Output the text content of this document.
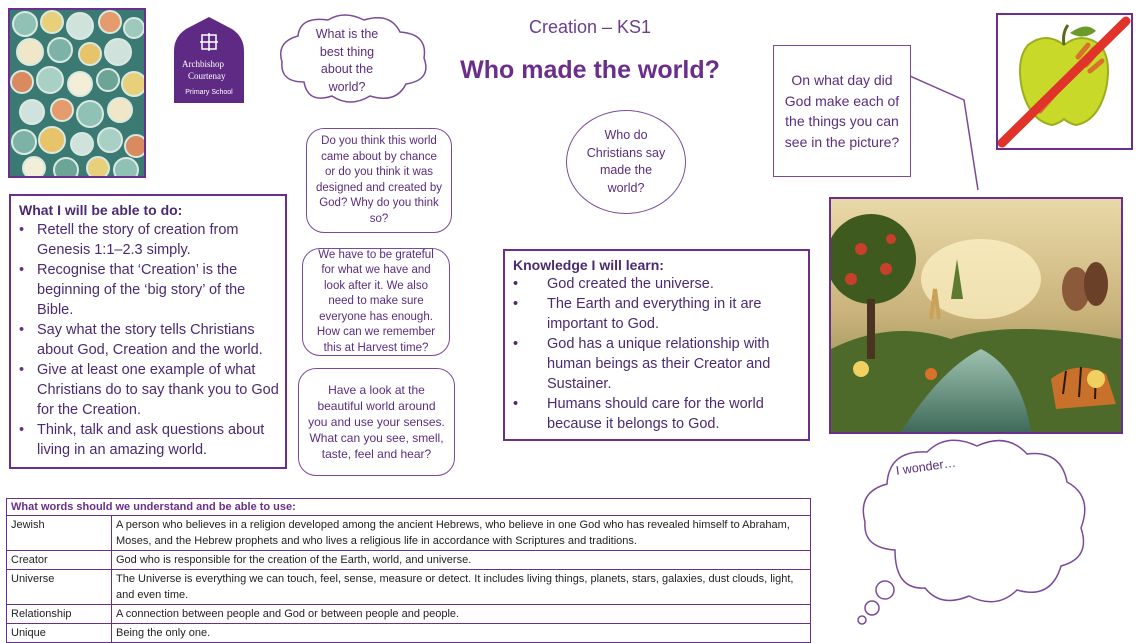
Creation – KS1
Who made the world?
Archbishop
Courtenay
Primary School
What is the best thing about the world?
Do you think this world came about by chance or do you think it was designed and created by God? Why do you think so?
We have to be grateful for what we have and look after it. We also need to make sure everyone has enough. How can we remember this at Harvest time?
Have a look at the beautiful world around you and use your senses. What can you see, smell, taste, feel and hear?
Who do Christians say made the world?
On what day did God make each of the things you can see in the picture?
What I will be able to do:
• Retell the story of creation from Genesis 1:1–2.3 simply.
• Recognise that ‘Creation’ is the beginning of the ‘big story’ of the Bible.
• Say what the story tells Christians about God, Creation and the world.
• Give at least one example of what Christians do to say thank you to God for the Creation.
• Think, talk and ask questions about living in an amazing world.
Knowledge I will learn:
•	God created the universe.
•	The Earth and everything in it are important to God.
•	God has a unique relationship with human beings as their Creator and Sustainer.
•	Humans should care for the world because it belongs to God.
I wonder…
What words should we understand and be able to use:	
Jewish	A person who believes in a religion developed among the ancient Hebrews, who believe in one God who has revealed himself to Abraham, Moses, and the Hebrew prophets and who lives a religious life in accordance with Scriptures and traditions.
Creator	God who is responsible for the creation of the Earth, world, and universe.
Universe	The Universe is everything we can touch, feel, sense, measure or detect. It includes living things, planets, stars, galaxies, dust clouds, light, and even time.
Relationship	A connection between people and God or between people and people.
Unique	Being the only one.
